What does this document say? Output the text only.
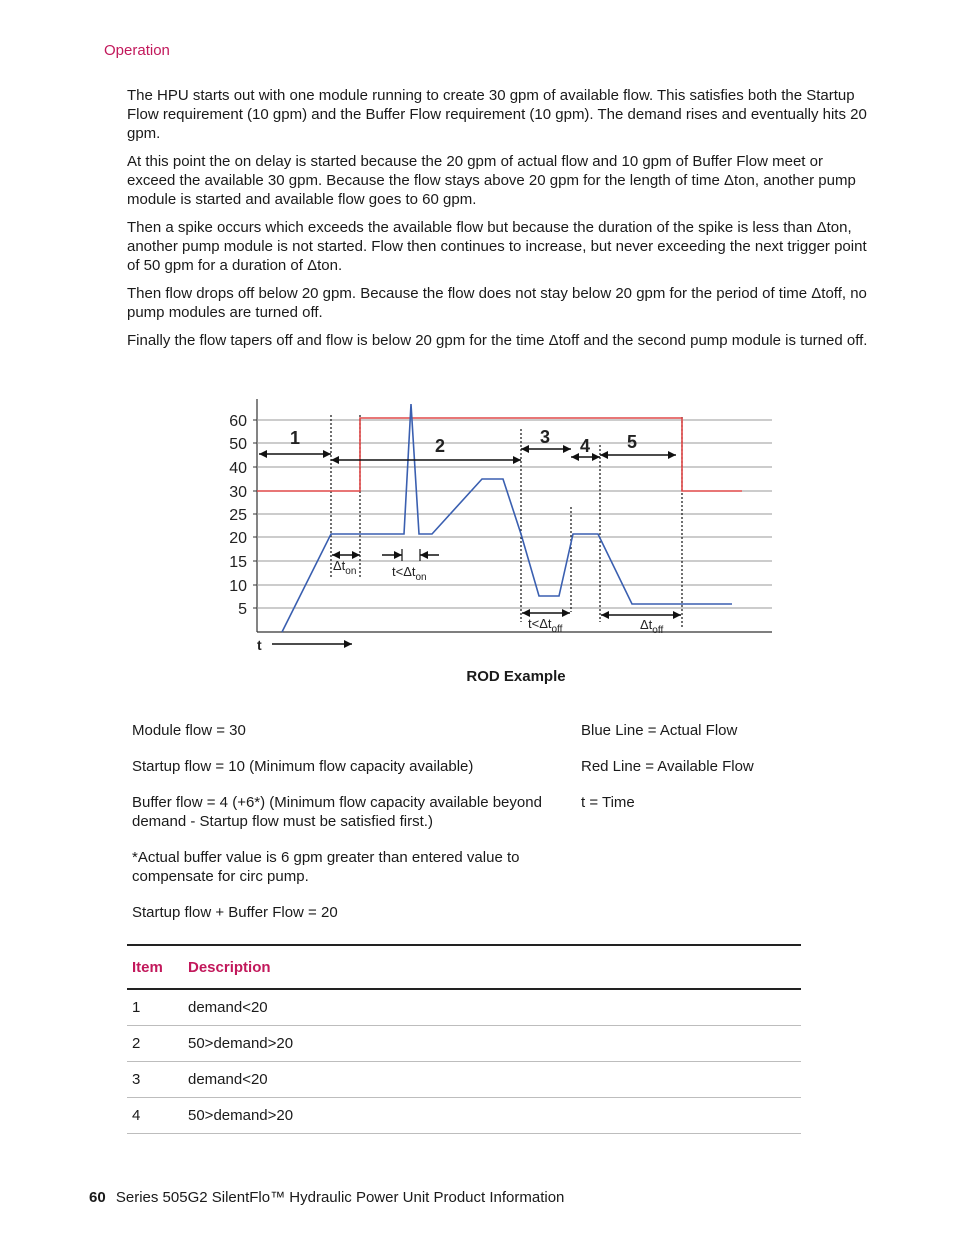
Operation

The HPU starts out with one module running to create 30 gpm of available flow. This satisfies both the Startup Flow requirement (10 gpm) and the Buffer Flow requirement (10 gpm). The demand rises and eventually hits 20 gpm.

At this point the on delay is started because the 20 gpm of actual flow and 10 gpm of Buffer Flow meet or exceed the available 30 gpm. Because the flow stays above 20 gpm for the length of time Δton, another pump module is started and available flow goes to 60 gpm.

Then a spike occurs which exceeds the available flow but because the duration of the spike is less than Δton, another pump module is not started. Flow then continues to increase, but never exceeding the next trigger point of 50 gpm for a duration of Δton.

Then flow drops off below 20 gpm. Because the flow does not stay below 20 gpm for the period of time Δtoff, no pump modules are turned off.

Finally the flow tapers off and flow is below 20 gpm for the time Δtoff and the second pump module is turned off.

60
50
40
30
25
20
15
10
5
1	2	3 4 5
$\Delta t_{on}$	$t<\Delta t_{on}$
$t<\Delta t_{off}$	$\Delta t_{off}$
t
ROD Example

Module flow = 30

Startup flow = 10 (Minimum flow capacity available)

Buffer flow = 4 (+6*) (Minimum flow capacity available beyond demand - Startup flow must be satisfied first.)

*Actual buffer value is 6 gpm greater than entered value to compensate for circ pump.

Startup flow + Buffer Flow = 20

Blue Line = Actual Flow

Red Line = Available Flow

t = Time

Item	Description
1	demand<20
2	50>demand>20
3	demand<20
4	50>demand>20
60 Series 505G2 SilentFlo™ Hydraulic Power Unit Product Information
